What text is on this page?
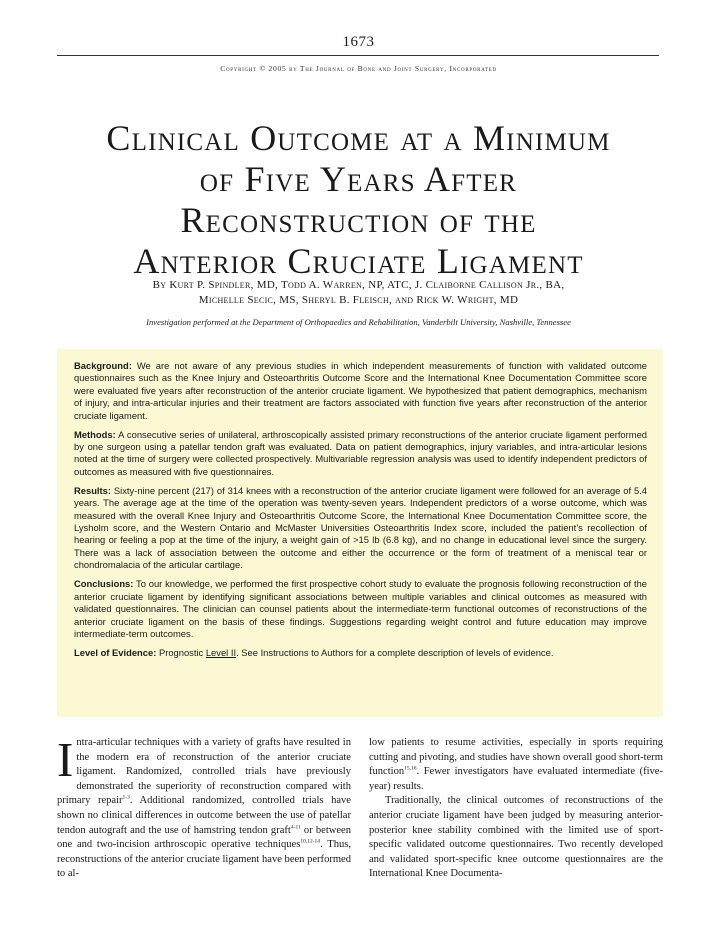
1673
Copyright © 2005 by The Journal of Bone and Joint Surgery, Incorporated
Clinical Outcome at a Minimum
of Five Years After
Reconstruction of the
Anterior Cruciate Ligament
By Kurt P. Spindler, MD, Todd A. Warren, NP, ATC, J. Claiborne Callison Jr., BA,
Michelle Secic, MS, Sheryl B. Fleisch, and Rick W. Wright, MD
Investigation performed at the Department of Orthopaedics and Rehabilitation, Vanderbilt University, Nashville, Tennessee

Background: We are not aware of any previous studies in which independent measurements of function with validated outcome questionnaires such as the Knee Injury and Osteoarthritis Outcome Score and the International Knee Documentation Committee score were evaluated five years after reconstruction of the anterior cruciate ligament. We hypothesized that patient demographics, mechanism of injury, and intra-articular injuries and their treatment are factors associated with function five years after reconstruction of the anterior cruciate ligament.

Methods: A consecutive series of unilateral, arthroscopically assisted primary reconstructions of the anterior cruciate ligament performed by one surgeon using a patellar tendon graft was evaluated. Data on patient demographics, injury variables, and intra-articular lesions noted at the time of surgery were collected prospectively. Multivariable regression analysis was used to identify independent predictors of outcomes as measured with five questionnaires.

Results: Sixty-nine percent (217) of 314 knees with a reconstruction of the anterior cruciate ligament were followed for an average of 5.4 years. The average age at the time of the operation was twenty-seven years. Independent predictors of a worse outcome, which was measured with the overall Knee Injury and Osteoarthritis Outcome Score, the International Knee Documentation Committee score, the Lysholm score, and the Western Ontario and McMaster Universities Osteoarthritis Index score, included the patient’s recollection of hearing or feeling a pop at the time of the injury, a weight gain of >15 lb (6.8 kg), and no change in educational level since the surgery. There was a lack of association between the outcome and either the occurrence or the form of treatment of a meniscal tear or chondromalacia of the articular cartilage.

Conclusions: To our knowledge, we performed the first prospective cohort study to evaluate the prognosis following reconstruction of the anterior cruciate ligament by identifying significant associations between multiple variables and clinical outcomes as measured with validated questionnaires. The clinician can counsel patients about the intermediate-term functional outcomes of reconstructions of the anterior cruciate ligament on the basis of these findings. Suggestions regarding weight control and future education may improve intermediate-term outcomes.

Level of Evidence: Prognostic Level II. See Instructions to Authors for a complete description of levels of evidence.

Intra-articular techniques with a variety of grafts have resulted in the modern era of reconstruction of the anterior cruciate ligament. Randomized, controlled trials have previously demonstrated the superiority of reconstruction compared with primary repair$^{1-3}$. Additional randomized, controlled trials have shown no clinical differences in outcome between the use of patellar tendon autograft and the use of hamstring tendon graft$^{4-11}$ or between one and two-incision arthroscopic operative techniques$^{10,12-14}$. Thus, reconstructions of the anterior cruciate ligament have been performed to al-

low patients to resume activities, especially in sports requiring cutting and pivoting, and studies have shown overall good short-term function$^{15,16}$. Fewer investigators have evaluated intermediate (five-year) results.

Traditionally, the clinical outcomes of reconstructions of the anterior cruciate ligament have been judged by measuring anterior-posterior knee stability combined with the limited use of sport-specific validated outcome questionnaires. Two recently developed and validated sport-specific knee outcome questionnaires are the International Knee Documenta-
